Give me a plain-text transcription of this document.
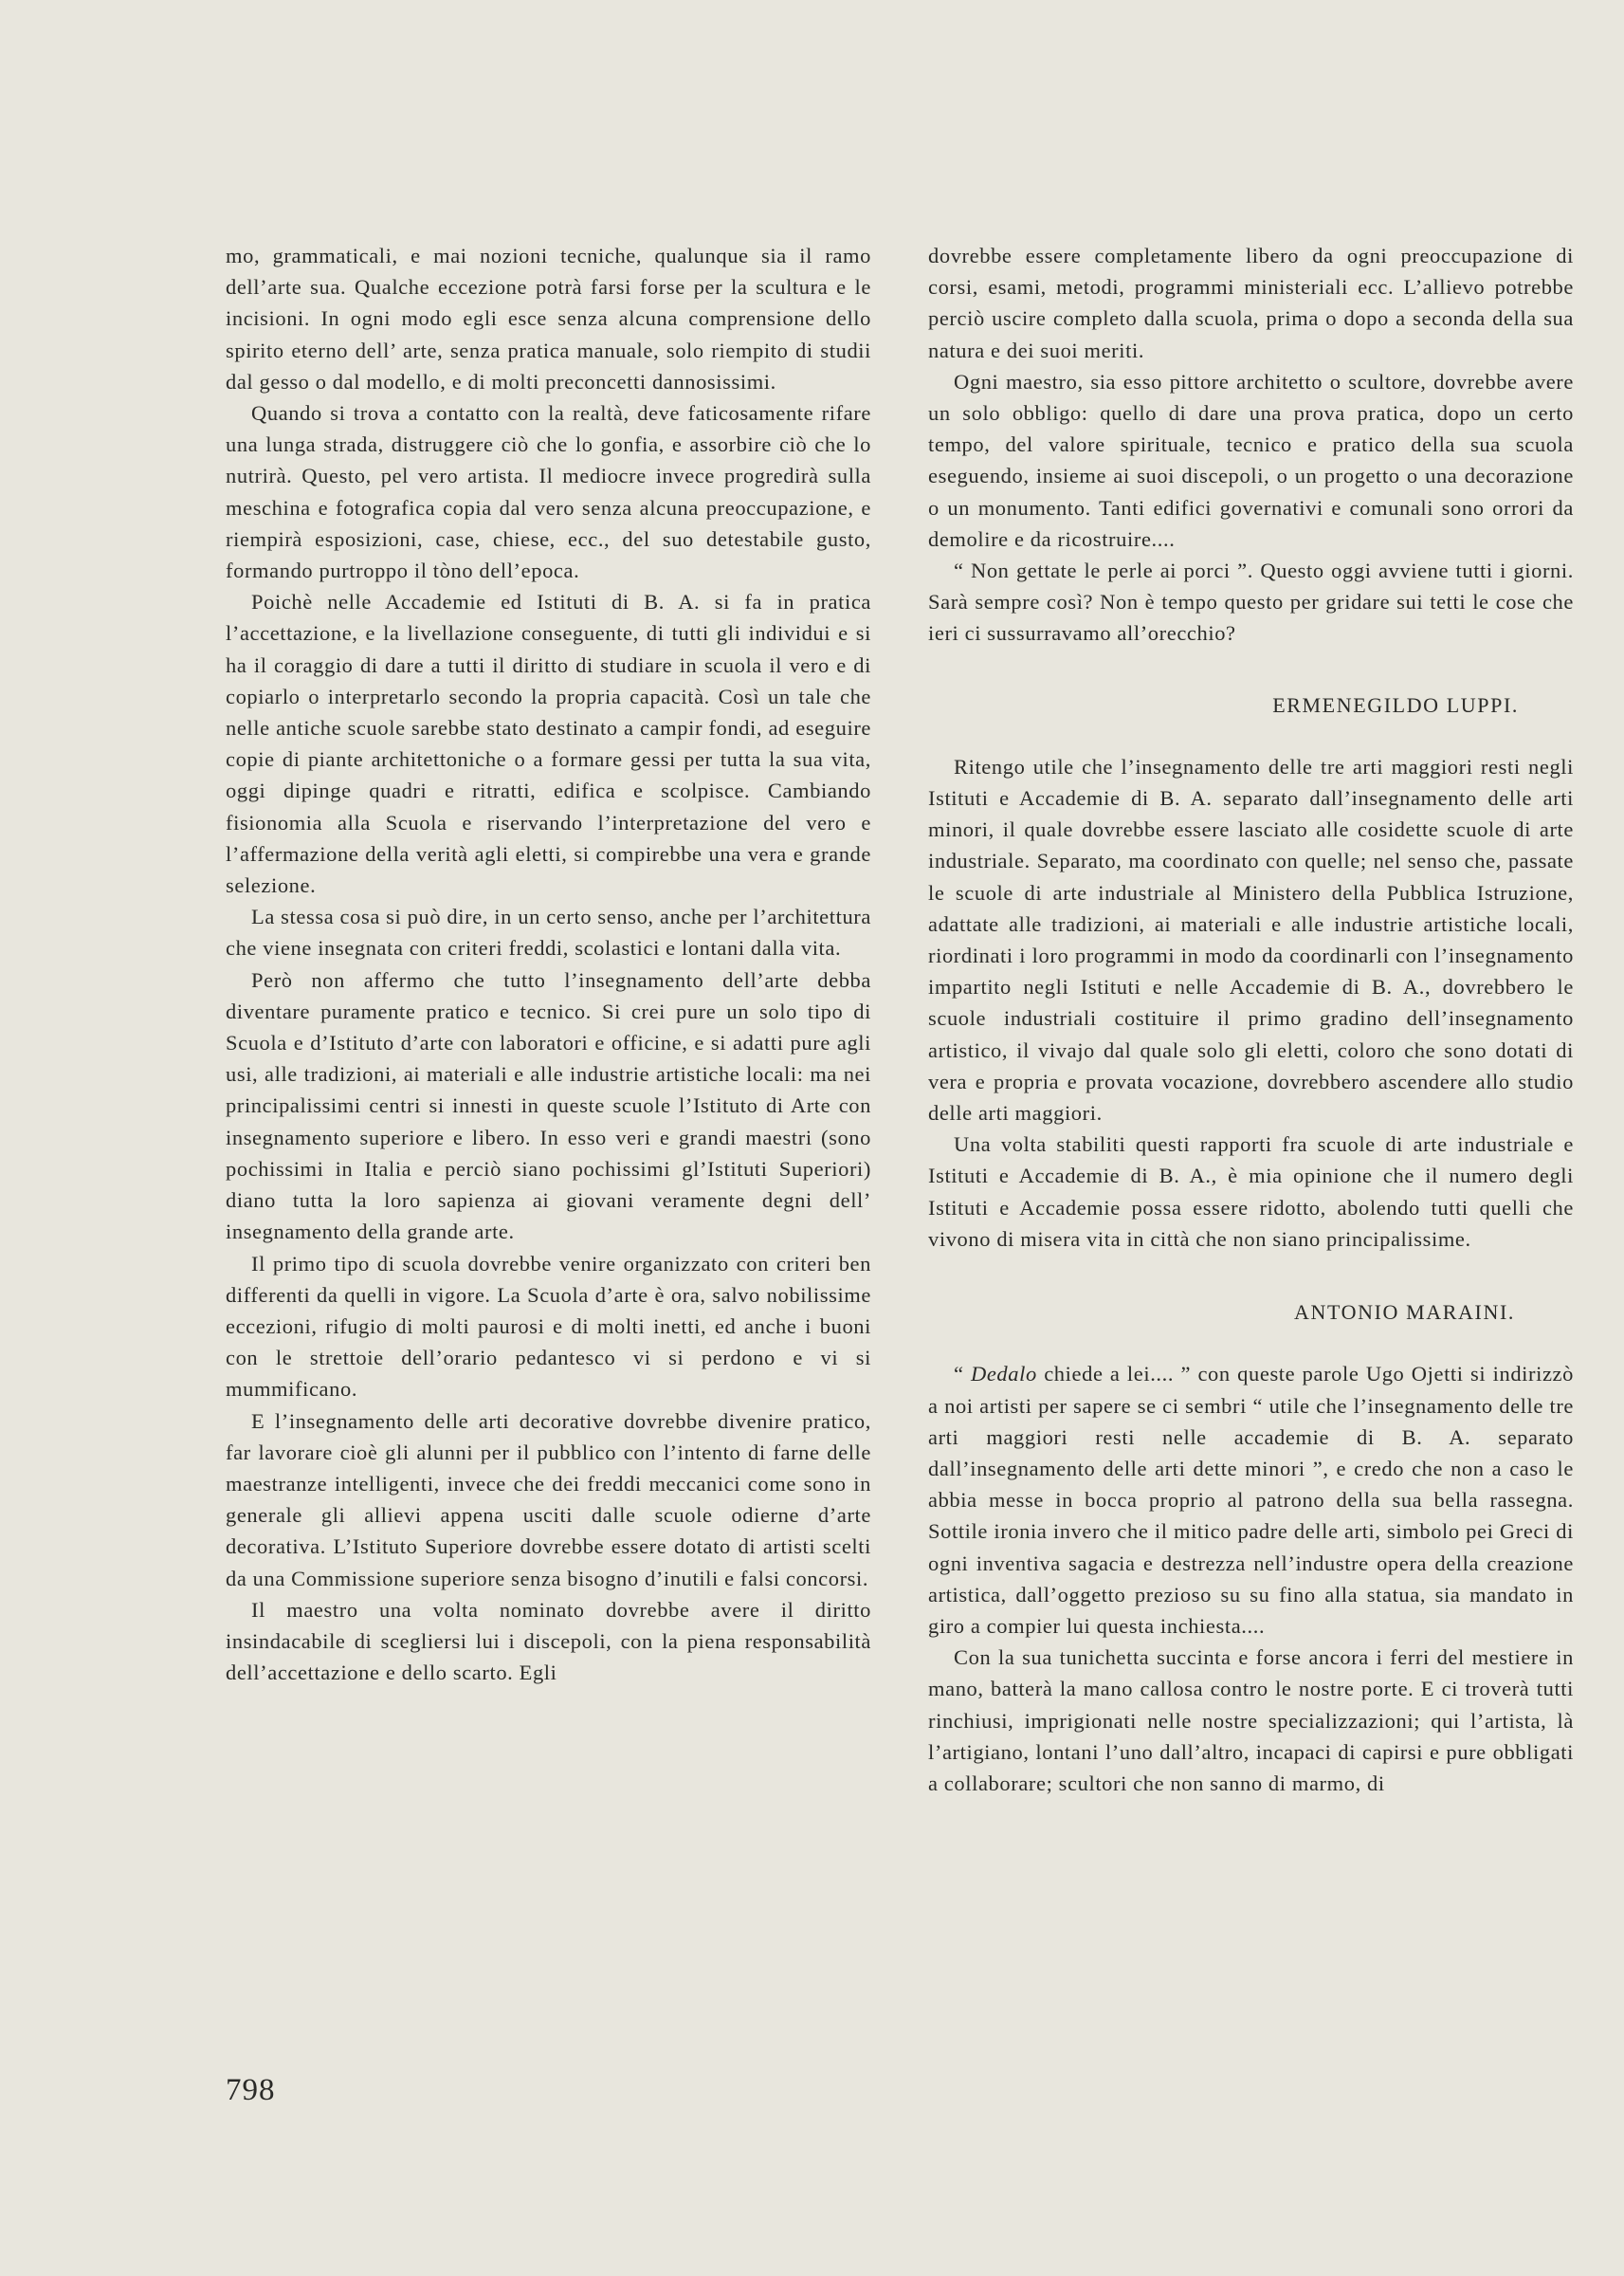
mo, grammaticali, e mai nozioni tecniche, qualunque sia il ramo dell’arte sua. Qualche eccezione potrà farsi forse per la scultura e le incisioni. In ogni modo egli esce senza alcuna comprensione dello spirito eterno dell’ arte, senza pratica manuale, solo riempito di studii dal gesso o dal modello, e di molti preconcetti dannosissimi.

Quando si trova a contatto con la realtà, deve faticosamente rifare una lunga strada, distruggere ciò che lo gonfia, e assorbire ciò che lo nutrirà. Questo, pel vero artista. Il mediocre invece progredirà sulla meschina e fotografica copia dal vero senza alcuna preoccupazione, e riempirà esposizioni, case, chiese, ecc., del suo detestabile gusto, formando purtroppo il tòno dell’epoca.

Poichè nelle Accademie ed Istituti di B. A. si fa in pratica l’accettazione, e la livellazione conseguente, di tutti gli individui e si ha il coraggio di dare a tutti il diritto di studiare in scuola il vero e di copiarlo o interpretarlo secondo la propria capacità. Così un tale che nelle antiche scuole sarebbe stato destinato a campir fondi, ad eseguire copie di piante architettoniche o a formare gessi per tutta la sua vita, oggi dipinge quadri e ritratti, edifica e scolpisce. Cambiando fisionomia alla Scuola e riservando l’interpretazione del vero e l’affermazione della verità agli eletti, si compirebbe una vera e grande selezione.

La stessa cosa si può dire, in un certo senso, anche per l’architettura che viene insegnata con criteri freddi, scolastici e lontani dalla vita.

Però non affermo che tutto l’insegnamento dell’arte debba diventare puramente pratico e tecnico. Si crei pure un solo tipo di Scuola e d’Istituto d’arte con laboratori e officine, e si adatti pure agli usi, alle tradizioni, ai materiali e alle industrie artistiche locali: ma nei principalissimi centri si innesti in queste scuole l’Istituto di Arte con insegnamento superiore e libero. In esso veri e grandi maestri (sono pochissimi in Italia e perciò siano pochissimi gl’Istituti Superiori) diano tutta la loro sapienza ai giovani veramente degni dell’ insegnamento della grande arte.

Il primo tipo di scuola dovrebbe venire organizzato con criteri ben differenti da quelli in vigore. La Scuola d’arte è ora, salvo nobilissime eccezioni, rifugio di molti paurosi e di molti inetti, ed anche i buoni con le strettoie dell’orario pedantesco vi si perdono e vi si mummificano.

E l’insegnamento delle arti decorative dovrebbe divenire pratico, far lavorare cioè gli alunni per il pubblico con l’intento di farne delle maestranze intelligenti, invece che dei freddi meccanici come sono in generale gli allievi appena usciti dalle scuole odierne d’arte decorativa. L’Istituto Superiore dovrebbe essere dotato di artisti scelti da una Commissione superiore senza bisogno d’inutili e falsi concorsi.

Il maestro una volta nominato dovrebbe avere il diritto insindacabile di scegliersi lui i discepoli, con la piena responsabilità dell’accettazione e dello scarto. Egli

dovrebbe essere completamente libero da ogni preoccupazione di corsi, esami, metodi, programmi ministeriali ecc. L’allievo potrebbe perciò uscire completo dalla scuola, prima o dopo a seconda della sua natura e dei suoi meriti.

Ogni maestro, sia esso pittore architetto o scultore, dovrebbe avere un solo obbligo: quello di dare una prova pratica, dopo un certo tempo, del valore spirituale, tecnico e pratico della sua scuola eseguendo, insieme ai suoi discepoli, o un progetto o una decorazione o un monumento. Tanti edifici governativi e comunali sono orrori da demolire e da ricostruire....

“ Non gettate le perle ai porci ”. Questo oggi avviene tutti i giorni. Sarà sempre così? Non è tempo questo per gridare sui tetti le cose che ieri ci sussurravamo all’orecchio?

ERMENEGILDO LUPPI.

Ritengo utile che l’insegnamento delle tre arti maggiori resti negli Istituti e Accademie di B. A. separato dall’insegnamento delle arti minori, il quale dovrebbe essere lasciato alle cosidette scuole di arte industriale. Separato, ma coordinato con quelle; nel senso che, passate le scuole di arte industriale al Ministero della Pubblica Istruzione, adattate alle tradizioni, ai materiali e alle industrie artistiche locali, riordinati i loro programmi in modo da coordinarli con l’insegnamento impartito negli Istituti e nelle Accademie di B. A., dovrebbero le scuole industriali costituire il primo gradino dell’insegnamento artistico, il vivajo dal quale solo gli eletti, coloro che sono dotati di vera e propria e provata vocazione, dovrebbero ascendere allo studio delle arti maggiori.

Una volta stabiliti questi rapporti fra scuole di arte industriale e Istituti e Accademie di B. A., è mia opinione che il numero degli Istituti e Accademie possa essere ridotto, abolendo tutti quelli che vivono di misera vita in città che non siano principalissime.

ANTONIO MARAINI.

“ Dedalo chiede a lei.... ” con queste parole Ugo Ojetti si indirizzò a noi artisti per sapere se ci sembri “ utile che l’insegnamento delle tre arti maggiori resti nelle accademie di B. A. separato dall’insegnamento delle arti dette minori ”, e credo che non a caso le abbia messe in bocca proprio al patrono della sua bella rassegna. Sottile ironia invero che il mitico padre delle arti, simbolo pei Greci di ogni inventiva sagacia e destrezza nell’industre opera della creazione artistica, dall’oggetto prezioso su su fino alla statua, sia mandato in giro a compier lui questa inchiesta....

Con la sua tunichetta succinta e forse ancora i ferri del mestiere in mano, batterà la mano callosa contro le nostre porte. E ci troverà tutti rinchiusi, imprigionati nelle nostre specializzazioni; qui l’artista, là l’artigiano, lontani l’uno dall’altro, incapaci di capirsi e pure obbligati a collaborare; scultori che non sanno di marmo, di

798
